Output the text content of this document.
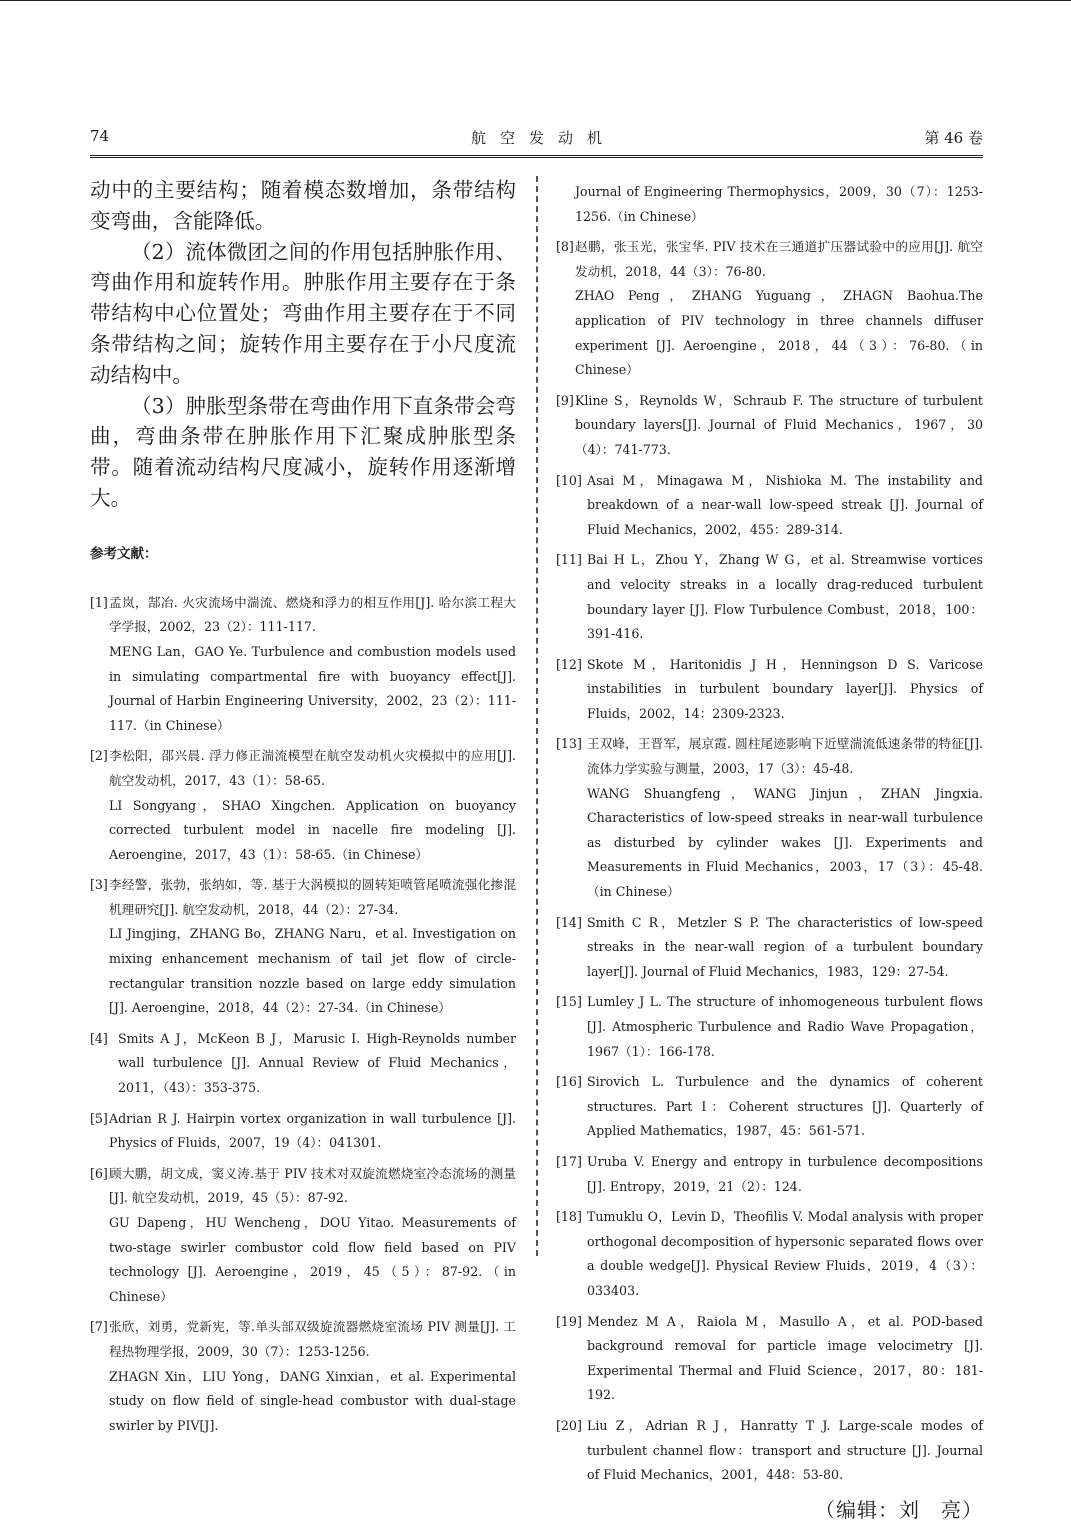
74	航空发动机	第 46 卷

动中的主要结构；随着模态数增加，条带结构变弯曲，含能降低。

（2）流体微团之间的作用包括肿胀作用、弯曲作用和旋转作用。肿胀作用主要存在于条带结构中心位置处；弯曲作用主要存在于不同条带结构之间；旋转作用主要存在于小尺度流动结构中。

（3）肿胀型条带在弯曲作用下直条带会弯曲，弯曲条带在肿胀作用下汇聚成肿胀型条带。随着流动结构尺度减小，旋转作用逐渐增大。

参考文献：
[1] 孟岚，郜冶. 火灾流场中湍流、燃烧和浮力的相互作用[J]. 哈尔滨工程大学学报，2002，23（2）：111-117.
MENG Lan，GAO Ye. Turbulence and combustion models used in simulating compartmental fire with buoyancy effect[J]. Journal of Harbin Engineering University，2002，23（2）：111-117.（in Chinese）
[2] 李松阳，邵兴晨. 浮力修正湍流模型在航空发动机火灾模拟中的应用[J]. 航空发动机，2017，43（1）：58-65.
LI Songyang，SHAO Xingchen. Application on buoyancy corrected turbulent model in nacelle fire modeling [J]. Aeroengine，2017，43（1）：58-65.（in Chinese）
[3] 李经警，张勃，张纳如，等. 基于大涡模拟的圆转矩喷管尾喷流强化掺混机理研究[J]. 航空发动机，2018，44（2）：27-34.
LI Jingjing，ZHANG Bo，ZHANG Naru，et al. Investigation on mixing enhancement mechanism of tail jet flow of circle-rectangular transition nozzle based on large eddy simulation [J]. Aeroengine，2018，44（2）：27-34.（in Chinese）
[4] Smits A J，McKeon B J，Marusic I. High-Reynolds number wall turbulence [J]. Annual Review of Fluid Mechanics，2011，（43）：353-375.
[5] Adrian R J. Hairpin vortex organization in wall turbulence [J]. Physics of Fluids，2007，19（4）：041301.
[6] 顾大鹏，胡文成，窦义涛.基于 PIV 技术对双旋流燃烧室冷态流场的测量[J]. 航空发动机，2019，45（5）：87-92.
GU Dapeng，HU Wencheng，DOU Yitao. Measurements of two-stage swirler combustor cold flow field based on PIV technology [J]. Aeroengine，2019，45（5）：87-92.（in Chinese）
[7] 张欣，刘勇，党新宪，等.单头部双级旋流器燃烧室流场 PIV 测量[J]. 工程热物理学报，2009，30（7）：1253-1256.
ZHAGN Xin，LIU Yong，DANG Xinxian，et al. Experimental study on flow field of single-head combustor with dual-stage swirler by PIV[J].
Journal of Engineering Thermophysics，2009，30（7）：1253-1256.（in Chinese）
[8] 赵鹏，张玉光，张宝华. PIV 技术在三通道扩压器试验中的应用[J]. 航空发动机，2018，44（3）：76-80.
ZHAO Peng，ZHANG Yuguang，ZHAGN Baohua.The application of PIV technology in three channels diffuser experiment [J]. Aeroengine，2018，44（3）：76-80.（in Chinese）
[9] Kline S，Reynolds W，Schraub F. The structure of turbulent boundary layers[J]. Journal of Fluid Mechanics，1967，30（4）：741-773.
[10] Asai M，Minagawa M，Nishioka M. The instability and breakdown of a near-wall low-speed streak [J]. Journal of Fluid Mechanics，2002，455：289-314.
[11] Bai H L，Zhou Y，Zhang W G，et al. Streamwise vortices and velocity streaks in a locally drag-reduced turbulent boundary layer [J]. Flow Turbulence Combust，2018，100：391-416.
[12] Skote M，Haritonidis J H，Henningson D S. Varicose instabilities in turbulent boundary layer[J]. Physics of Fluids，2002，14：2309-2323.
[13] 王双峰，王晋军，展京霞. 圆柱尾迹影响下近壁湍流低速条带的特征[J]. 流体力学实验与测量，2003，17（3）：45-48.
WANG Shuangfeng，WANG Jinjun，ZHAN Jingxia. Characteristics of low-speed streaks in near-wall turbulence as disturbed by cylinder wakes [J]. Experiments and Measurements in Fluid Mechanics，2003，17（3）：45-48.（in Chinese）
[14] Smith C R，Metzler S P. The characteristics of low-speed streaks in the near-wall region of a turbulent boundary layer[J]. Journal of Fluid Mechanics，1983，129：27-54.
[15] Lumley J L. The structure of inhomogeneous turbulent flows [J]. Atmospheric Turbulence and Radio Wave Propagation，1967（1）：166-178.
[16] Sirovich L. Turbulence and the dynamics of coherent structures. Part I：Coherent structures [J]. Quarterly of Applied Mathematics，1987，45：561-571.
[17] Uruba V. Energy and entropy in turbulence decompositions [J]. Entropy，2019，21（2）：124.
[18] Tumuklu O，Levin D，Theofilis V. Modal analysis with proper orthogonal decomposition of hypersonic separated flows over a double wedge[J]. Physical Review Fluids，2019，4（3）：033403.
[19] Mendez M A，Raiola M，Masullo A，et al. POD-based background removal for particle image velocimetry [J]. Experimental Thermal and Fluid Science，2017，80：181-192.
[20] Liu Z，Adrian R J，Hanratty T J. Large-scale modes of turbulent channel flow：transport and structure [J]. Journal of Fluid Mechanics，2001，448：53-80.
（编辑：刘　亮）
